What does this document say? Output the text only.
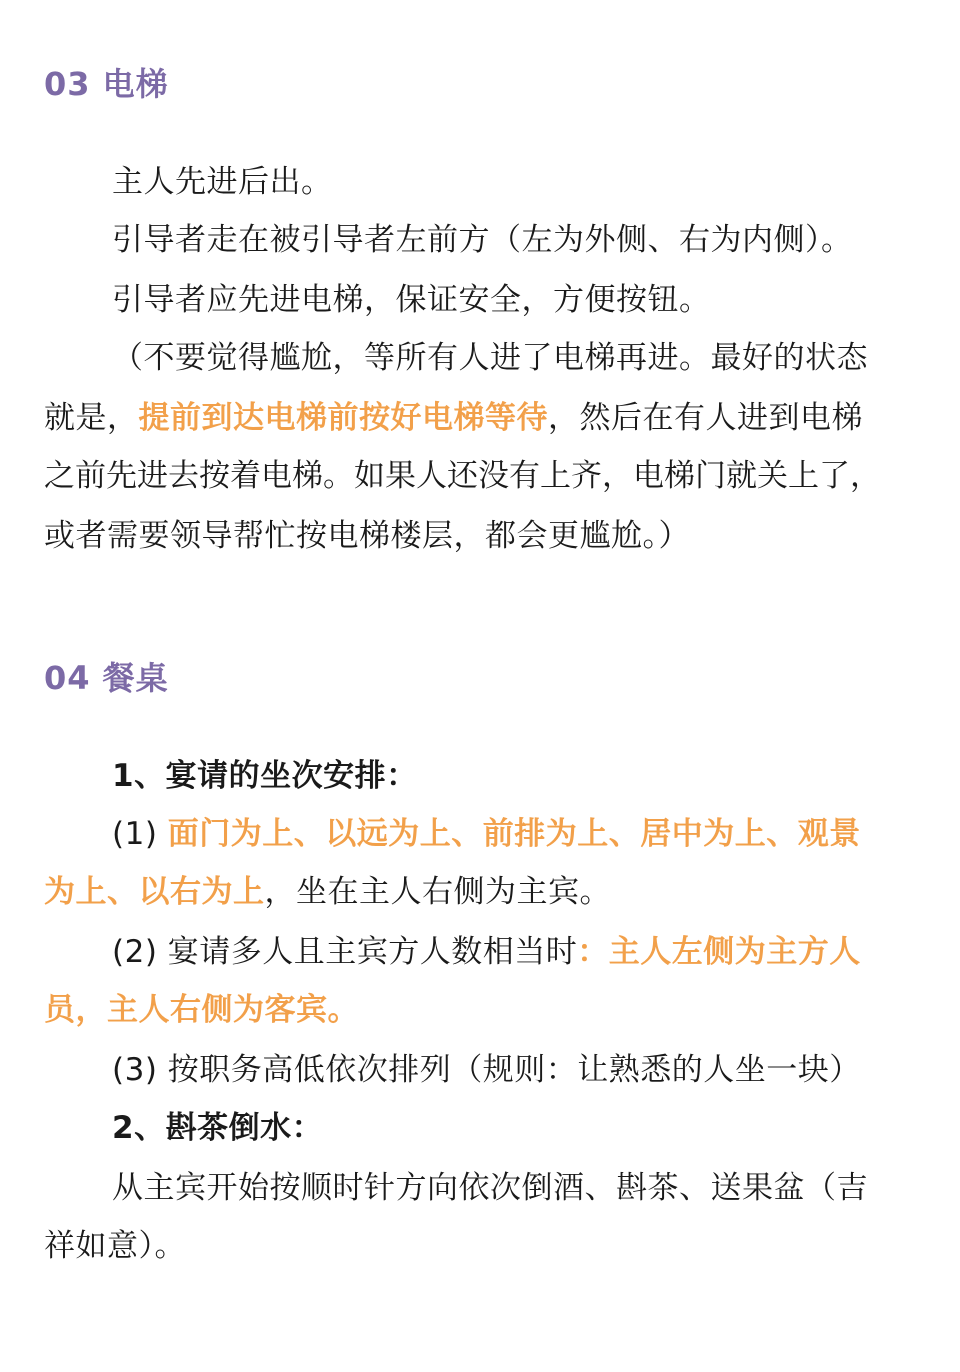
03 电梯
主人先进后出。
引导者走在被引导者左前方（左为外侧、右为内侧）。
引导者应先进电梯，保证安全，方便按钮。
（不要觉得尴尬，等所有人进了电梯再进。最好的状态
就是，提前到达电梯前按好电梯等待，然后在有人进到电梯
之前先进去按着电梯。如果人还没有上齐，电梯门就关上了，
或者需要领导帮忙按电梯楼层，都会更尴尬。）
04 餐桌
1、宴请的坐次安排：
(1) 面门为上、以远为上、前排为上、居中为上、观景
为上、以右为上，坐在主人右侧为主宾。
(2) 宴请多人且主宾方人数相当时：主人左侧为主方人
员，主人右侧为客宾。
(3) 按职务高低依次排列（规则：让熟悉的人坐一块）
2、斟茶倒水：
从主宾开始按顺时针方向依次倒酒、斟茶、送果盆（吉
祥如意）。
